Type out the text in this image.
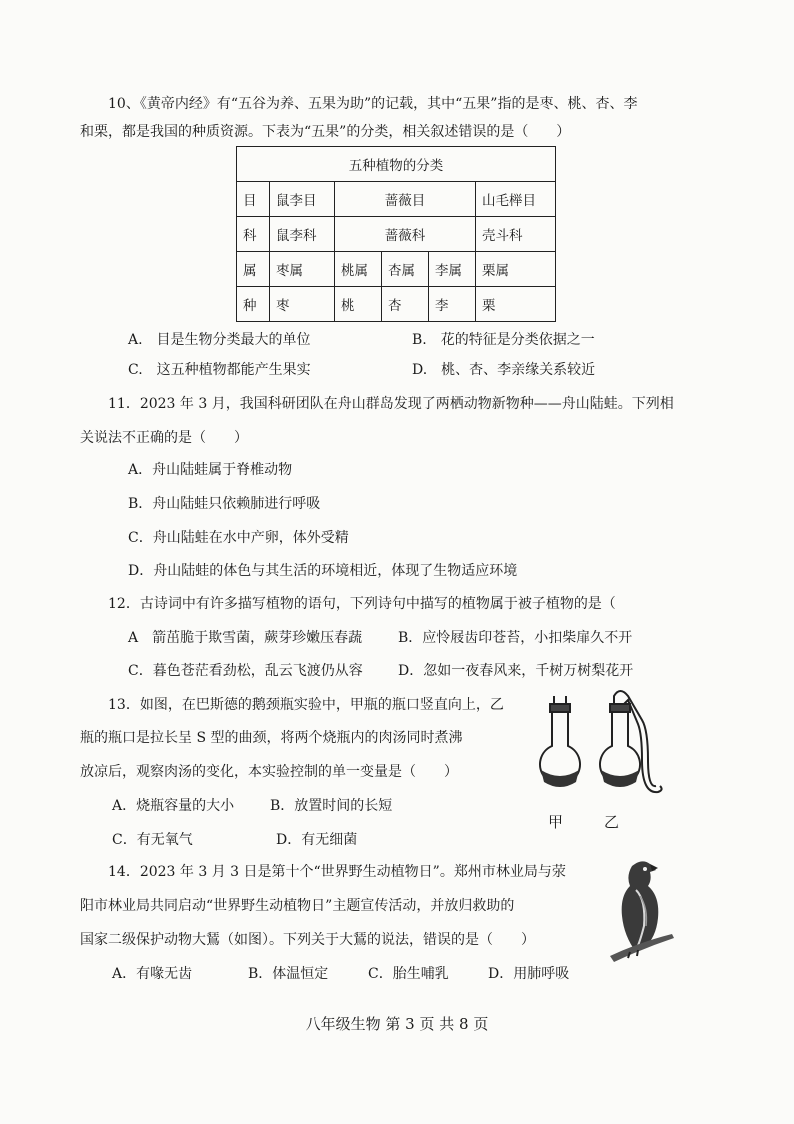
10、《黄帝内经》有“五谷为养、五果为助”的记载，其中“五果”指的是枣、桃、杏、李
和栗，都是我国的种质资源。下表为“五果”的分类，相关叙述错误的是（　　）
五种植物的分类					
目	鼠李目	蔷薇目			山毛榉目
科	鼠李科	蔷薇科			壳斗科
属	枣属	桃属	杏属	李属	栗属
种	枣	桃	杏	李	栗
A.　目是生物分类最大的单位	B.　花的特征是分类依据之一
C.　这五种植物都能产生果实	D.　桃、杏、李亲缘关系较近
11．2023 年 3 月，我国科研团队在舟山群岛发现了两栖动物新物种——舟山陆蛙。下列相
关说法不正确的是（　　）
A．舟山陆蛙属于脊椎动物
B．舟山陆蛙只依赖肺进行呼吸
C．舟山陆蛙在水中产卵，体外受精
D．舟山陆蛙的体色与其生活的环境相近，体现了生物适应环境
12．古诗词中有许多描写植物的语句，下列诗句中描写的植物属于被子植物的是（
A　箭茁脆于欺雪菌，蕨芽珍嫩压春蔬	B．应怜屐齿印苍苔，小扣柴扉久不开
C．暮色苍茫看劲松，乱云飞渡仍从容	D．忽如一夜春风来，千树万树梨花开
13．如图，在巴斯德的鹅颈瓶实验中，甲瓶的瓶口竖直向上，乙
瓶的瓶口是拉长呈 S 型的曲颈，将两个烧瓶内的肉汤同时煮沸
放凉后，观察肉汤的变化，本实验控制的单一变量是（　　）
A．烧瓶容量的大小	B．放置时间的长短
C．有无氧气	D．有无细菌
甲	乙
14．2023 年 3 月 3 日是第十个“世界野生动植物日”。郑州市林业局与荥
阳市林业局共同启动“世界野生动植物日”主题宣传活动，并放归救助的
国家二级保护动物大鵟（如图）。下列关于大鵟的说法，错误的是（　　）
A．有喙无齿	B．体温恒定	C．胎生哺乳	D．用肺呼吸
八年级生物 第 3 页 共 8 页
